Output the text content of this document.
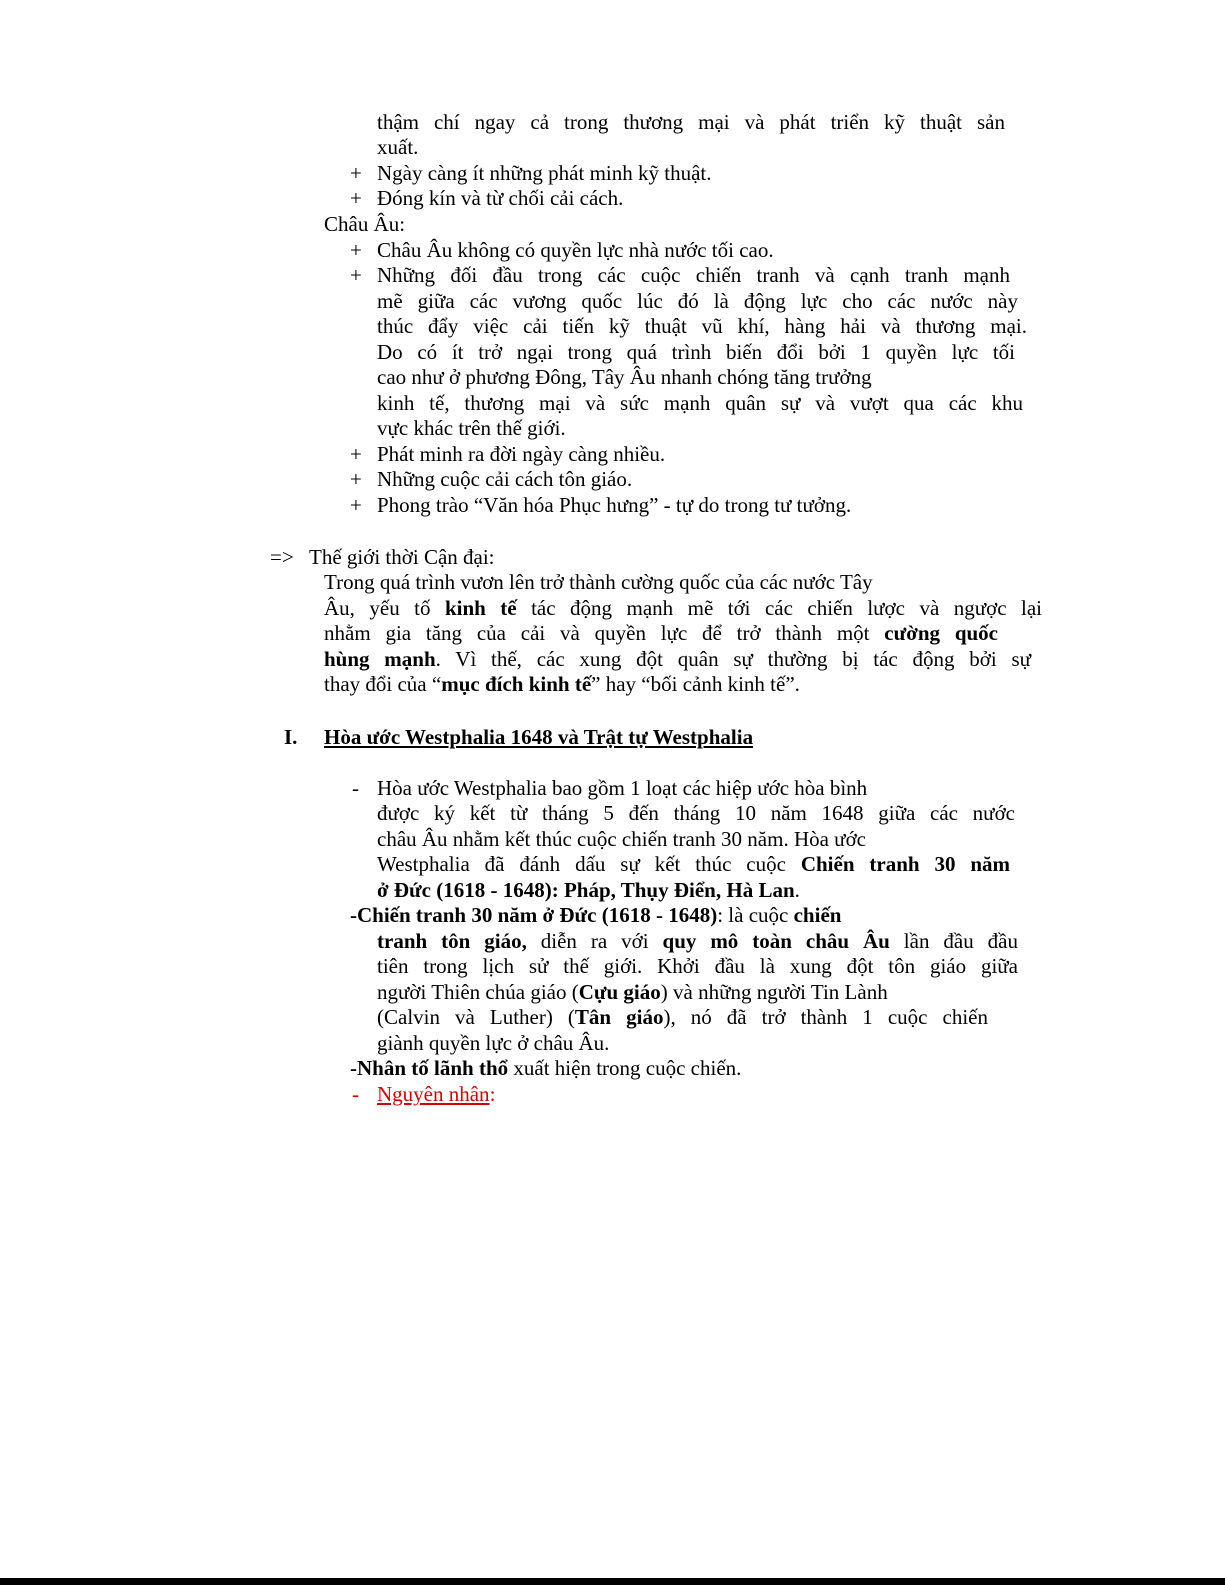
thậm chí ngay cả trong thương mại và phát triển kỹ thuật sản
xuất.
+ Ngày càng ít những phát minh kỹ thuật.
+ Đóng kín và từ chối cải cách.
Châu Âu:
+ Châu Âu không có quyền lực nhà nước tối cao.
+ Những đối đầu trong các cuộc chiến tranh và cạnh tranh mạnh
mẽ giữa các vương quốc lúc đó là động lực cho các nước này
thúc đẩy việc cải tiến kỹ thuật vũ khí, hàng hải và thương mại.
Do có ít trở ngại trong quá trình biến đổi bởi 1 quyền lực tối
cao như ở phương Đông, Tây Âu nhanh chóng tăng trưởng
kinh tế, thương mại và sức mạnh quân sự và vượt qua các khu
vực khác trên thế giới.
+ Phát minh ra đời ngày càng nhiều.
+ Những cuộc cải cách tôn giáo.
+ Phong trào “Văn hóa Phục hưng” - tự do trong tư tưởng.
=> Thế giới thời Cận đại:
Trong quá trình vươn lên trở thành cường quốc của các nước Tây
Âu, yếu tố kinh tế tác động mạnh mẽ tới các chiến lược và ngược lại
nhằm gia tăng của cải và quyền lực để trở thành một cường quốc
hùng mạnh. Vì thế, các xung đột quân sự thường bị tác động bởi sự
thay đổi của “mục đích kinh tế” hay “bối cảnh kinh tế”.
I. Hòa ước Westphalia 1648 và Trật tự Westphalia
- Hòa ước Westphalia bao gồm 1 loạt các hiệp ước hòa bình
được ký kết từ tháng 5 đến tháng 10 năm 1648 giữa các nước
châu Âu nhằm kết thúc cuộc chiến tranh 30 năm. Hòa ước
Westphalia đã đánh dấu sự kết thúc cuộc Chiến tranh 30 năm
ở Đức (1618 - 1648): Pháp, Thụy Điển, Hà Lan.
-Chiến tranh 30 năm ở Đức (1618 - 1648): là cuộc chiến
tranh tôn giáo, diễn ra với quy mô toàn châu Âu lần đầu đầu
tiên trong lịch sử thế giới. Khởi đầu là xung đột tôn giáo giữa
người Thiên chúa giáo (Cựu giáo) và những người Tin Lành
(Calvin và Luther) (Tân giáo), nó đã trở thành 1 cuộc chiến
giành quyền lực ở châu Âu.
-Nhân tố lãnh thổ xuất hiện trong cuộc chiến.
- Nguyên nhân:
